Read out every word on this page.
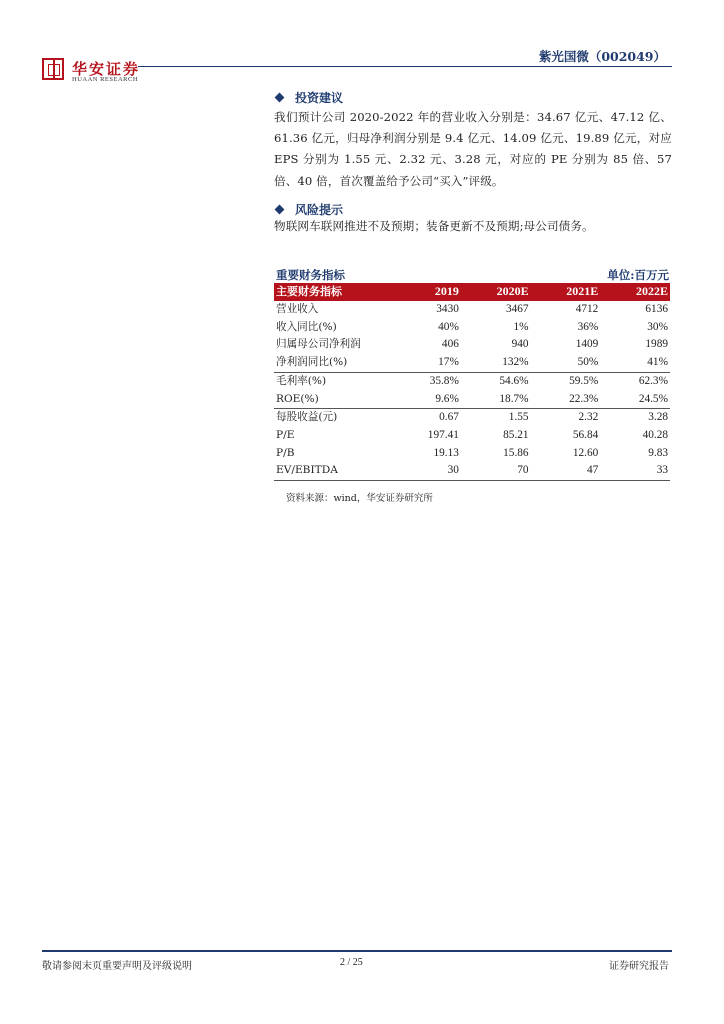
华安证券
HUAAN RESEARCH
紫光国微（002049）
投资建议
我们预计公司 2020-2022 年的营业收入分别是：34.67 亿元、47.12 亿、61.36 亿元，归母净利润分别是 9.4 亿元、14.09 亿元、19.89 亿元，对应 EPS 分别为 1.55 元、2.32 元、3.28 元，对应的 PE 分别为 85 倍、57 倍、40 倍，首次覆盖给予公司“买入”评级。
风险提示
物联网车联网推进不及预期；装备更新不及预期;母公司债务。
重要财务指标	单位:百万元
主要财务指标	2019	2020E	2021E	2022E
营业收入	3430	3467	4712	6136
收入同比(%)	40%	1%	36%	30%
归属母公司净利润	406	940	1409	1989
净利润同比(%)	17%	132%	50%	41%
毛利率(%)	35.8%	54.6%	59.5%	62.3%
ROE(%)	9.6%	18.7%	22.3%	24.5%
每股收益(元)	0.67	1.55	2.32	3.28
P/E	197.41	85.21	56.84	40.28
P/B	19.13	15.86	12.60	9.83
EV/EBITDA	30	70	47	33
资料来源：wind，华安证券研究所
敬请参阅末页重要声明及评级说明	2 / 25	证券研究报告
